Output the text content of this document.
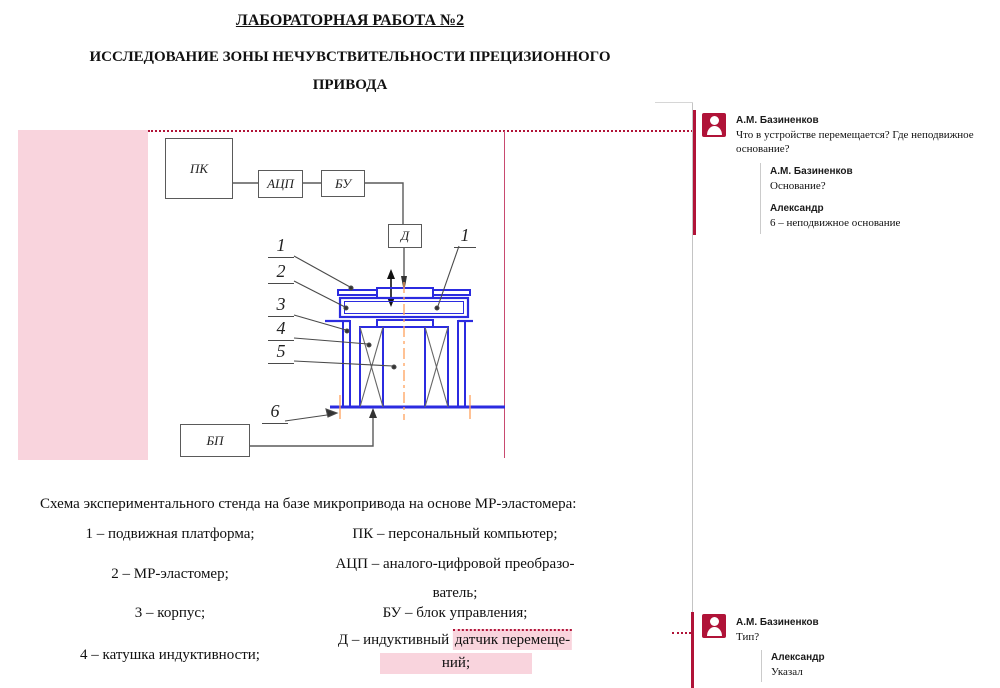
ЛАБОРАТОРНАЯ РАБОТА №2
ИССЛЕДОВАНИЕ ЗОНЫ НЕЧУВСТВИТЕЛЬНОСТИ ПРЕЦИЗИОННОГО
ПРИВОДА
ПК
АЦП	БУ
Д
БП
1
2
3
4
5
6
1
Схема экспериментального стенда на базе микропривода на основе МР-эластомера:
1 – подвижная платформа;
2 – МР-эластомер;
3 – корпус;
4 – катушка индуктивности;
ПК – персональный компьютер;
АЦП – аналого-цифровой преобразо-
ватель;
БУ – блок управления;
Д – индуктивный датчик перемеще-
ний;
А.М. Базиненков
Что в устройстве перемещается? Где неподвижное основание?
А.М. Базиненков
Основание?
Александр
6 – неподвижное основание
А.М. Базиненков
Тип?
Александр
Указал
